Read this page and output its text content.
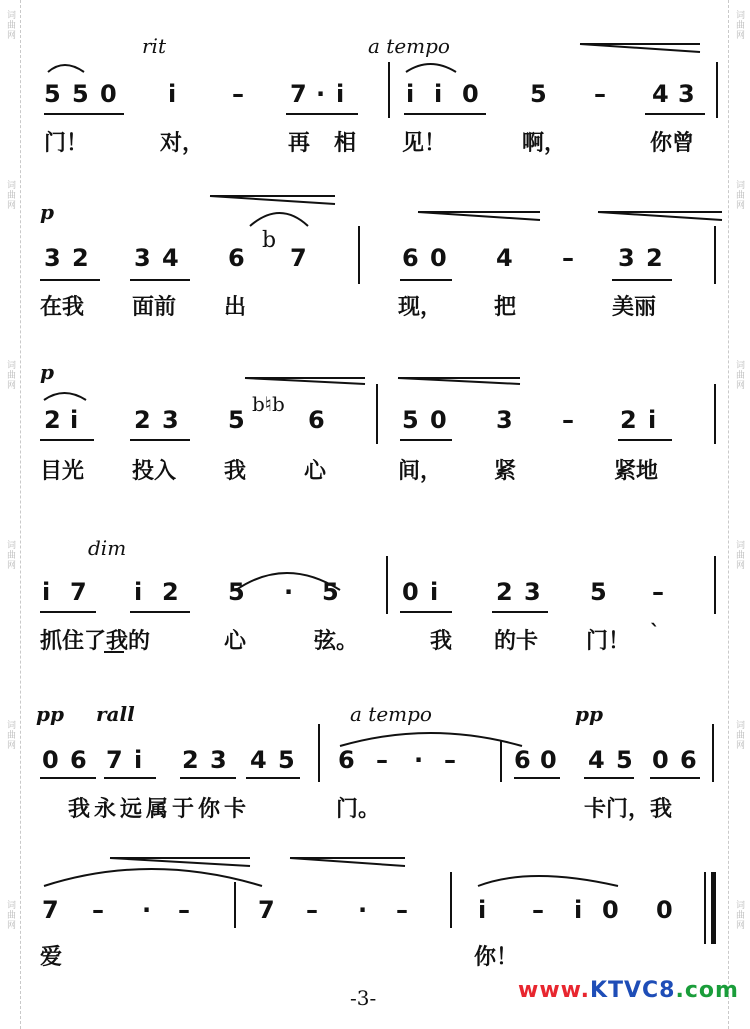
词曲网
词曲网
词曲网
词曲网
词曲网
词曲网
词曲网
词曲网
词曲网
词曲网
词曲网
词曲网
rit	a tempo
p
p
dim
pp rall	a tempo	pp
5 5 0 i – 7 · i	i i 0 5 – 4 3
门！	对，	再 相 见！	啊，	你曾
3 2 3 4 6
b
7	6 0 4 – 3 2
在我 面前 出	现， 把	美丽
2 i 2 3 5
b♮b
6	5 0 3 – 2 i
目光 投入 我	心	间， 紧	紧地
i 7 i 2 5 · 5	0 i 2 3 5 –
抓住了我的	心	弦。	我 的卡 门！ ˋ
0 6 7 i 2 3 4 5 6 – · – 6 0 4 5 0 6
我永远属于你卡	门。	卡门，我
7 – · –	7 – · –	i – i 0 0
爱	你！
-3-	www.KTVC8.com
